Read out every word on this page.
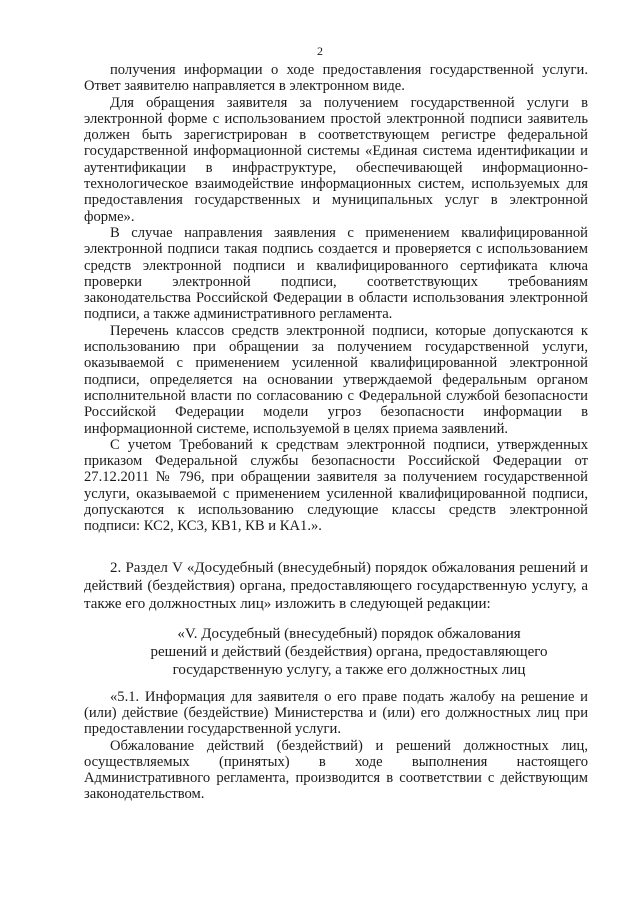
2

получения информации о ходе предоставления государственной услуги. Ответ заявителю направляется в электронном виде.

Для обращения заявителя за получением государственной услуги в электронной форме с использованием простой электронной подписи заявитель должен быть зарегистрирован в соответствующем регистре федеральной государственной информационной системы «Единая система идентификации и аутентификации в инфраструктуре, обеспечивающей информационно-технологическое взаимодействие информационных систем, используемых для предоставления государственных и муниципальных услуг в электронной форме».

В случае направления заявления с применением квалифицированной электронной подписи такая подпись создается и проверяется с использованием средств электронной подписи и квалифицированного сертификата ключа проверки электронной подписи, соответствующих требованиям законодательства Российской Федерации в области использования электронной подписи, а также административного регламента.

Перечень классов средств электронной подписи, которые допускаются к использованию при обращении за получением государственной услуги, оказываемой с применением усиленной квалифицированной электронной подписи, определяется на основании утверждаемой федеральным органом исполнительной власти по согласованию с Федеральной службой безопасности Российской Федерации модели угроз безопасности информации в информационной системе, используемой в целях приема заявлений.

С учетом Требований к средствам электронной подписи, утвержденных приказом Федеральной службы безопасности Российской Федерации от 27.12.2011 № 796, при обращении заявителя за получением государственной услуги, оказываемой с применением усиленной квалифицированной подписи, допускаются к использованию следующие классы средств электронной подписи: КС2, КС3, КВ1, КВ и КА1.».

2. Раздел V «Досудебный (внесудебный) порядок обжалования решений и действий (бездействия) органа, предоставляющего государственную услугу, а также его должностных лиц» изложить в следующей редакции:

«V. Досудебный (внесудебный) порядок обжалования

решений и действий (бездействия) органа, предоставляющего

государственную услугу, а также его должностных лиц

«5.1. Информация для заявителя о его праве подать жалобу на решение и (или) действие (бездействие) Министерства и (или) его должностных лиц при предоставлении государственной услуги.

Обжалование действий (бездействий) и решений должностных лиц, осуществляемых (принятых) в ходе выполнения настоящего Административного регламента, производится в соответствии с действующим законодательством.
